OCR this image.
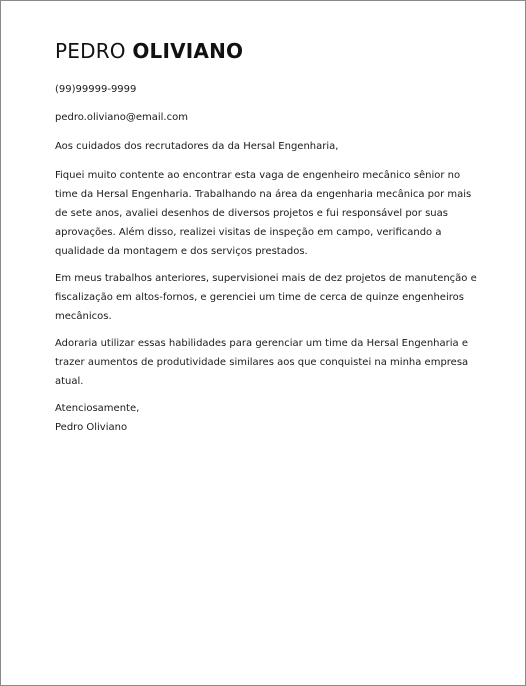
PEDRO OLIVIANO
(99)99999-9999
pedro.oliviano@email.com

Aos cuidados dos recrutadores da da Hersal Engenharia,

Fiquei muito contente ao encontrar esta vaga de engenheiro mecânico sênior no time da Hersal Engenharia. Trabalhando na área da engenharia mecânica por mais de sete anos, avaliei desenhos de diversos projetos e fui responsável por suas aprovações. Além disso, realizei visitas de inspeção em campo, verificando a qualidade da montagem e dos serviços prestados.

Em meus trabalhos anteriores, supervisionei mais de dez projetos de manutenção e fiscalização em altos-fornos, e gerenciei um time de cerca de quinze engenheiros mecânicos.

Adoraria utilizar essas habilidades para gerenciar um time da Hersal Engenharia e trazer aumentos de produtividade similares aos que conquistei na minha empresa atual.

Atenciosamente,

Pedro Oliviano
